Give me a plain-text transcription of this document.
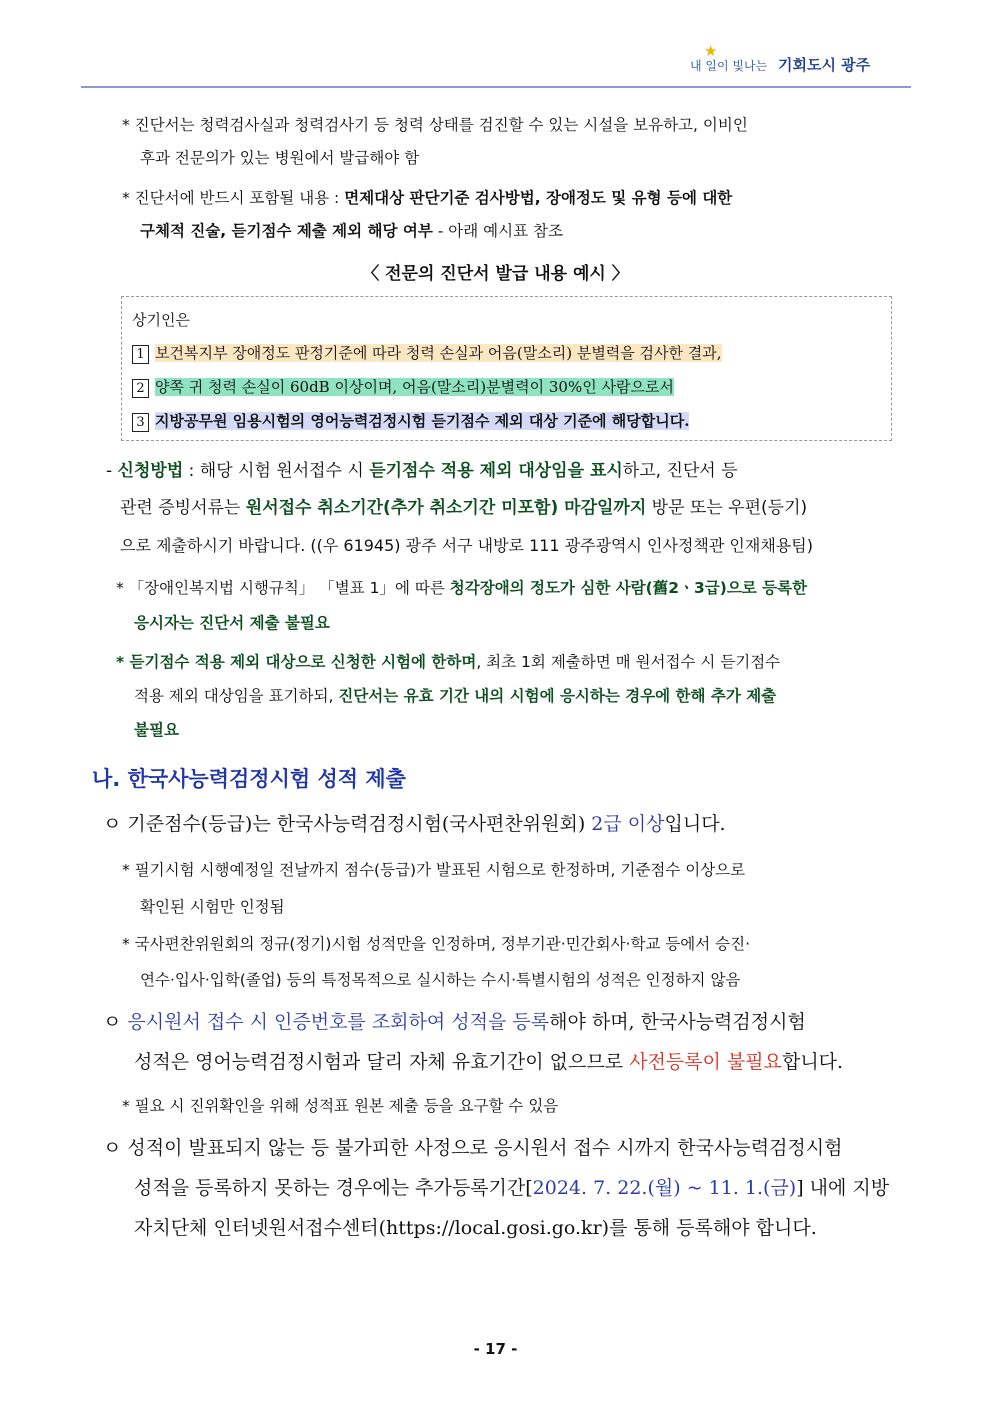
★
내 일이 빛나는 기회도시 광주
* 진단서는 청력검사실과 청력검사기 등 청력 상태를 검진할 수 있는 시설을 보유하고, 이비인
후과 전문의가 있는 병원에서 발급해야 함
* 진단서에 반드시 포함될 내용 : 면제대상 판단기준 검사방법, 장애정도 및 유형 등에 대한
구체적 진술, 듣기점수 제출 제외 해당 여부 - 아래 예시표 참조
〈 전문의 진단서 발급 내용 예시 〉
상기인은
1 보건복지부 장애정도 판정기준에 따라 청력 손실과 어음(말소리) 분별력을 검사한 결과,
2 양쪽 귀 청력 손실이 60dB 이상이며, 어음(말소리)분별력이 30%인 사람으로서
3 지방공무원 임용시험의 영어능력검정시험 듣기점수 제외 대상 기준에 해당합니다.
- 신청방법 : 해당 시험 원서접수 시 듣기점수 적용 제외 대상임을 표시하고, 진단서 등
관련 증빙서류는 원서접수 취소기간(추가 취소기간 미포함) 마감일까지 방문 또는 우편(등기)
으로 제출하시기 바랍니다. ((우 61945) 광주 서구 내방로 111 광주광역시 인사정책관 인재채용팀)
* 「장애인복지법 시행규칙」 「별표 1」에 따른 청각장애의 정도가 심한 사람(舊2ㆍ3급)으로 등록한
응시자는 진단서 제출 불필요
* 듣기점수 적용 제외 대상으로 신청한 시험에 한하며, 최초 1회 제출하면 매 원서접수 시 듣기점수
적용 제외 대상임을 표기하되, 진단서는 유효 기간 내의 시험에 응시하는 경우에 한해 추가 제출
불필요
나. 한국사능력검정시험 성적 제출
ㅇ 기준점수(등급)는 한국사능력검정시험(국사편찬위원회) 2급 이상입니다.
* 필기시험 시행예정일 전날까지 점수(등급)가 발표된 시험으로 한정하며, 기준점수 이상으로
확인된 시험만 인정됨
* 국사편찬위원회의 정규(정기)시험 성적만을 인정하며, 정부기관·민간회사·학교 등에서 승진·
연수·입사·입학(졸업) 등의 특정목적으로 실시하는 수시·특별시험의 성적은 인정하지 않음
ㅇ 응시원서 접수 시 인증번호를 조회하여 성적을 등록해야 하며, 한국사능력검정시험
성적은 영어능력검정시험과 달리 자체 유효기간이 없으므로 사전등록이 불필요합니다.
* 필요 시 진위확인을 위해 성적표 원본 제출 등을 요구할 수 있음
ㅇ 성적이 발표되지 않는 등 불가피한 사정으로 응시원서 접수 시까지 한국사능력검정시험
성적을 등록하지 못하는 경우에는 추가등록기간[2024. 7. 22.(월) ~ 11. 1.(금)] 내에 지방
자치단체 인터넷원서접수센터(https://local.gosi.go.kr)를 통해 등록해야 합니다.
- 17 -
